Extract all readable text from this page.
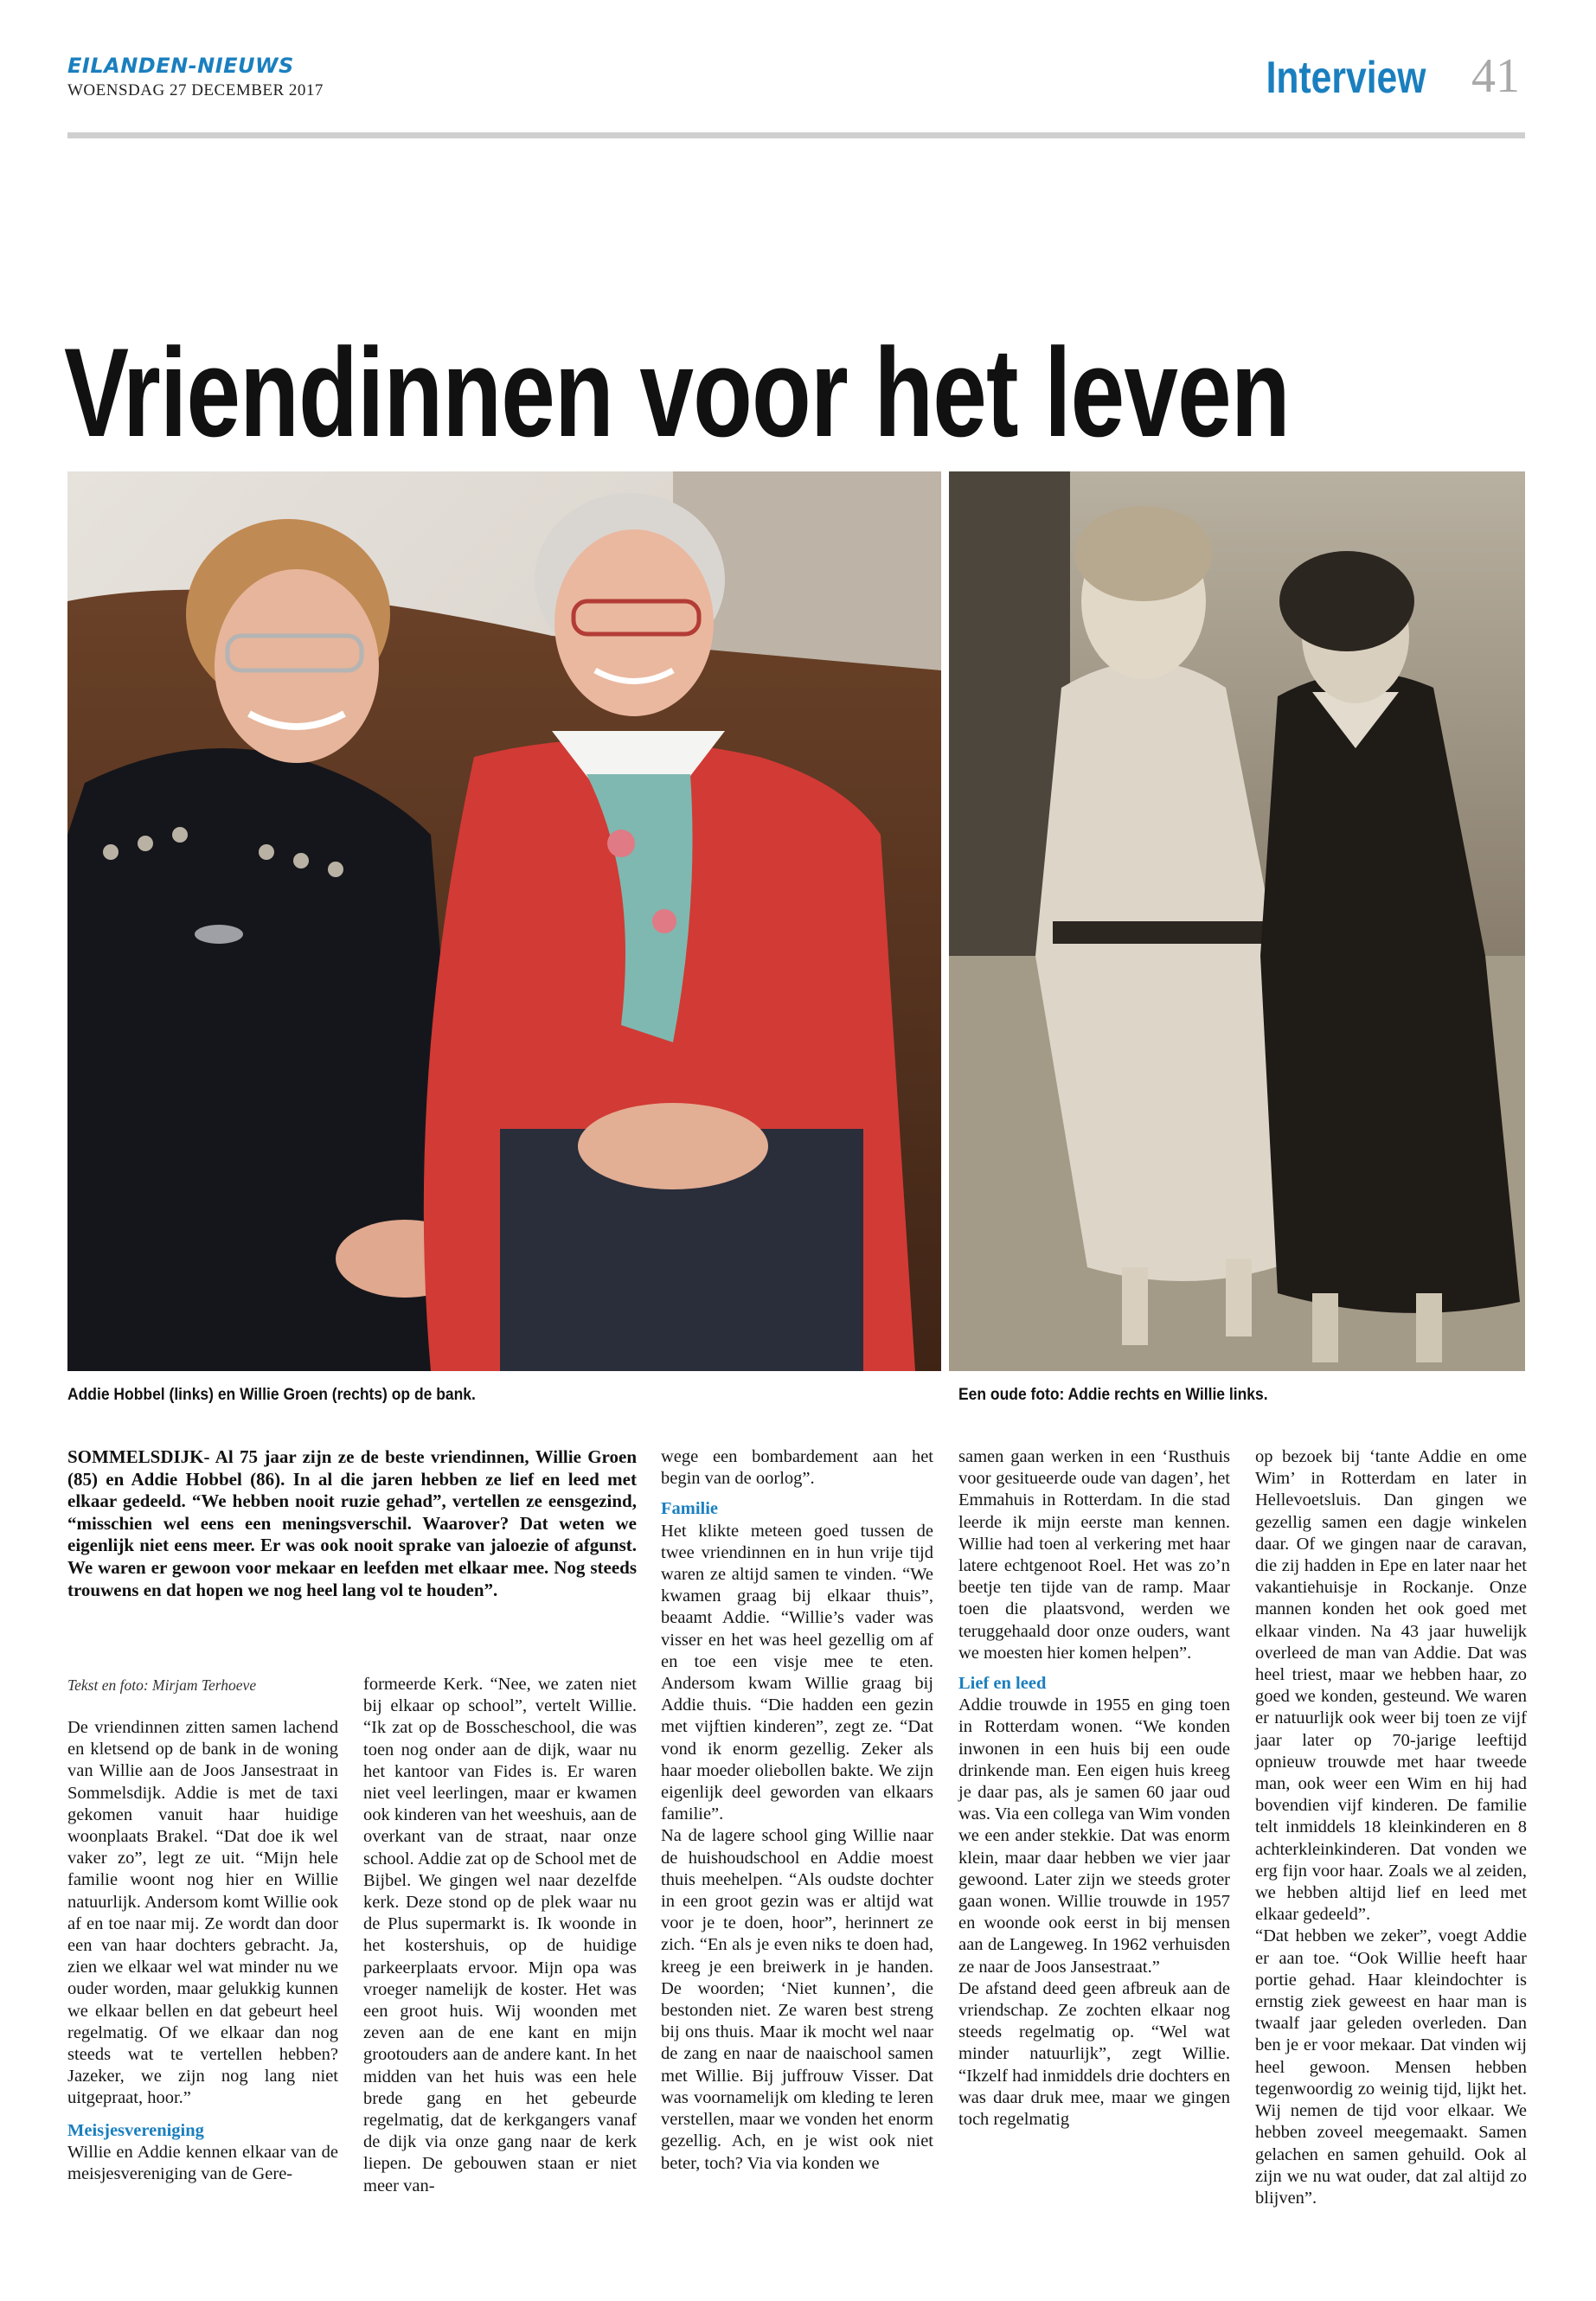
EILANDEN-NIEUWS
WOENSDAG 27 DECEMBER 2017	Interview 41
Vriendinnen voor het leven
Addie Hobbel (links) en Willie Groen (rechts) op de bank.	Een oude foto: Addie rechts en Willie links.
SOMMELSDIJK- Al 75 jaar zijn ze de beste vriendinnen, Willie Groen (85) en Addie Hobbel (86). In al die jaren hebben ze lief en leed met elkaar gedeeld. “We hebben nooit ruzie gehad”, vertellen ze eensgezind, “misschien wel eens een meningsverschil. Waarover? Dat weten we eigenlijk niet eens meer. Er was ook nooit sprake van jaloezie of afgunst. We waren er gewoon voor mekaar en leefden met elkaar mee. Nog steeds trouwens en dat hopen we nog heel lang vol te houden”.
Tekst en foto: Mirjam Terhoeve

De vriendinnen zitten samen lachend en kletsend op de bank in de woning van Willie aan de Joos Jansestraat in Sommelsdijk. Addie is met de taxi gekomen vanuit haar huidige woonplaats Brakel. “Dat doe ik wel vaker zo”, legt ze uit. “Mijn hele familie woont nog hier en Willie natuurlijk. Andersom komt Willie ook af en toe naar mij. Ze wordt dan door een van haar dochters gebracht. Ja, zien we elkaar wel wat minder nu we ouder worden, maar gelukkig kunnen we elkaar bellen en dat gebeurt heel regelmatig. Of we elkaar dan nog steeds wat te vertellen hebben? Jazeker, we zijn nog lang niet uitgepraat, hoor.”

Meisjesvereniging

Willie en Addie kennen elkaar van de meisjesvereniging van de Gere-

formeerde Kerk. “Nee, we zaten niet bij elkaar op school”, vertelt Willie. “Ik zat op de Bosscheschool, die was toen nog onder aan de dijk, waar nu het kantoor van Fides is. Er waren niet veel leerlingen, maar er kwamen ook kinderen van het weeshuis, aan de overkant van de straat, naar onze school. Addie zat op de School met de Bijbel. We gingen wel naar dezelfde kerk. Deze stond op de plek waar nu de Plus supermarkt is. Ik woonde in het kostershuis, op de huidige parkeerplaats ervoor. Mijn opa was vroeger namelijk de koster. Het was een groot huis. Wij woonden met zeven aan de ene kant en mijn grootouders aan de andere kant. In het midden van het huis was een hele brede gang en het gebeurde regelmatig, dat de kerkgangers vanaf de dijk via onze gang naar de kerk liepen. De gebouwen staan er niet meer van-

wege een bombardement aan het begin van de oorlog”.

Familie

Het klikte meteen goed tussen de twee vriendinnen en in hun vrije tijd waren ze altijd samen te vinden. “We kwamen graag bij elkaar thuis”, beaamt Addie. “Willie’s vader was visser en het was heel gezellig om af en toe een visje mee te eten. Andersom kwam Willie graag bij Addie thuis. “Die hadden een gezin met vijftien kinderen”, zegt ze. “Dat vond ik enorm gezellig. Zeker als haar moeder oliebollen bakte. We zijn eigenlijk deel geworden van elkaars familie”.

Na de lagere school ging Willie naar de huishoudschool en Addie moest thuis meehelpen. “Als oudste dochter in een groot gezin was er altijd wat voor je te doen, hoor”, herinnert ze zich. “En als je even niks te doen had, kreeg je een breiwerk in je handen. De woorden; ‘Niet kunnen’, die bestonden niet. Ze waren best streng bij ons thuis. Maar ik mocht wel naar de zang en naar de naaischool samen met Willie. Bij juffrouw Visser. Dat was voornamelijk om kleding te leren verstellen, maar we vonden het enorm gezellig. Ach, en je wist ook niet beter, toch? Via via konden we

samen gaan werken in een ‘Rusthuis voor gesitueerde oude van dagen’, het Emmahuis in Rotterdam. In die stad leerde ik mijn eerste man kennen. Willie had toen al verkering met haar latere echtgenoot Roel. Het was zo’n beetje ten tijde van de ramp. Maar toen die plaatsvond, werden we teruggehaald door onze ouders, want we moesten hier komen helpen”.

Lief en leed

Addie trouwde in 1955 en ging toen in Rotterdam wonen. “We konden inwonen in een huis bij een oude drinkende man. Een eigen huis kreeg je daar pas, als je samen 60 jaar oud was. Via een collega van Wim vonden we een ander stekkie. Dat was enorm klein, maar daar hebben we vier jaar gewoond. Later zijn we steeds groter gaan wonen. Willie trouwde in 1957 en woonde ook eerst in bij mensen aan de Langeweg. In 1962 verhuisden ze naar de Joos Jansestraat.”

De afstand deed geen afbreuk aan de vriendschap. Ze zochten elkaar nog steeds regelmatig op. “Wel wat minder natuurlijk”, zegt Willie. “Ikzelf had inmiddels drie dochters en was daar druk mee, maar we gingen toch regelmatig

op bezoek bij ‘tante Addie en ome Wim’ in Rotterdam en later in Hellevoetsluis. Dan gingen we gezellig samen een dagje winkelen daar. Of we gingen naar de caravan, die zij hadden in Epe en later naar het vakantiehuisje in Rockanje. Onze mannen konden het ook goed met elkaar vinden. Na 43 jaar huwelijk overleed de man van Addie. Dat was heel triest, maar we hebben haar, zo goed we konden, gesteund. We waren er natuurlijk ook weer bij toen ze vijf jaar later op 70-jarige leeftijd opnieuw trouwde met haar tweede man, ook weer een Wim en hij had bovendien vijf kinderen. De familie telt inmiddels 18 kleinkinderen en 8 achterkleinkinderen. Dat vonden we erg fijn voor haar. Zoals we al zeiden, we hebben altijd lief en leed met elkaar gedeeld”.

“Dat hebben we zeker”, voegt Addie er aan toe. “Ook Willie heeft haar portie gehad. Haar kleindochter is ernstig ziek geweest en haar man is twaalf jaar geleden overleden. Dan ben je er voor mekaar. Dat vinden wij heel gewoon. Mensen hebben tegenwoordig zo weinig tijd, lijkt het. Wij nemen de tijd voor elkaar. We hebben zoveel meegemaakt. Samen gelachen en samen gehuild. Ook al zijn we nu wat ouder, dat zal altijd zo blijven”.
